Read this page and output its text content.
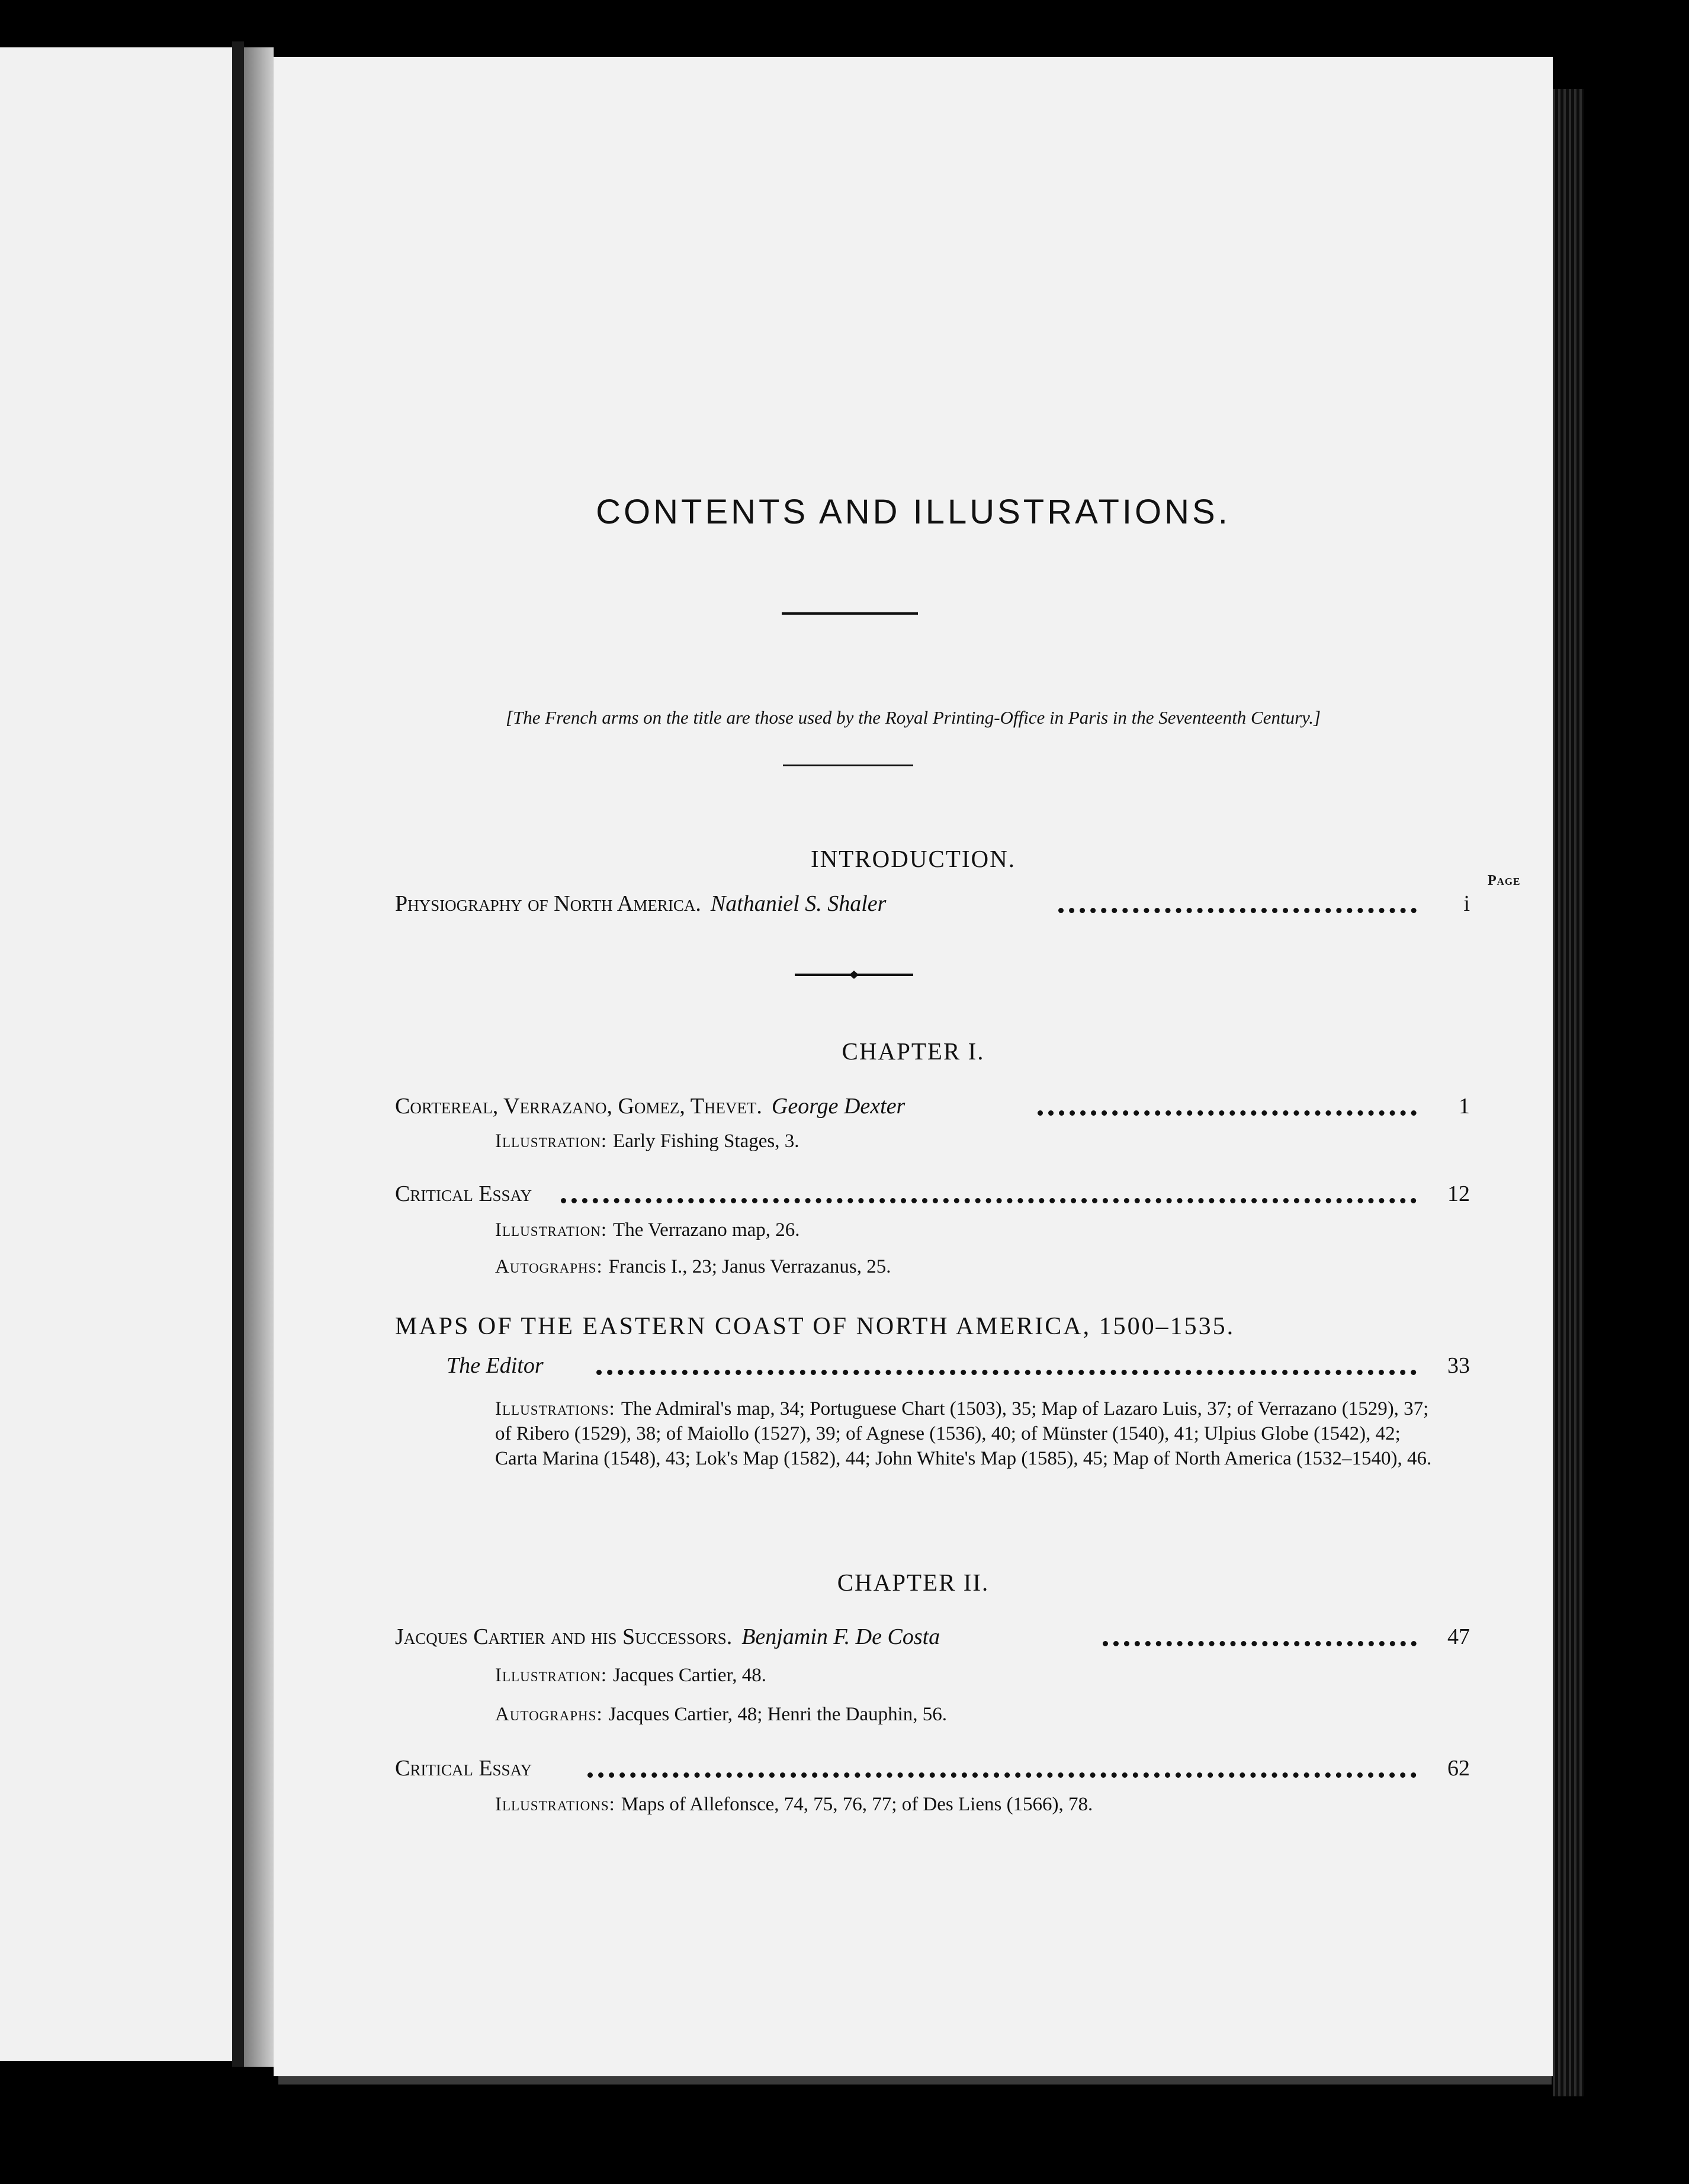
CONTENTS AND ILLUSTRATIONS.
[The French arms on the title are those used by the Royal Printing-Office in Paris in the Seventeenth Century.]
INTRODUCTION.
Page
Physiography of North America. Nathaniel S. Shaler	i
CHAPTER I.
Cortereal, Verrazano, Gomez, Thevet. George Dexter	1
Illustration: Early Fishing Stages, 3.
Critical Essay	12
Illustration: The Verrazano map, 26.
Autographs: Francis I., 23; Janus Verrazanus, 25.
MAPS OF THE EASTERN COAST OF NORTH AMERICA, 1500–1535.
The Editor	33
Illustrations: The Admiral's map, 34; Portuguese Chart (1503), 35; Map of Lazaro Luis, 37; of Verrazano (1529), 37; of Ribero (1529), 38; of Maiollo (1527), 39; of Agnese (1536), 40; of Münster (1540), 41; Ulpius Globe (1542), 42; Carta Marina (1548), 43; Lok's Map (1582), 44; John White's Map (1585), 45; Map of North America (1532–1540), 46.
CHAPTER II.
Jacques Cartier and his Successors. Benjamin F. De Costa	47
Illustration: Jacques Cartier, 48.
Autographs: Jacques Cartier, 48; Henri the Dauphin, 56.
Critical Essay	62
Illustrations: Maps of Allefonsce, 74, 75, 76, 77; of Des Liens (1566), 78.
